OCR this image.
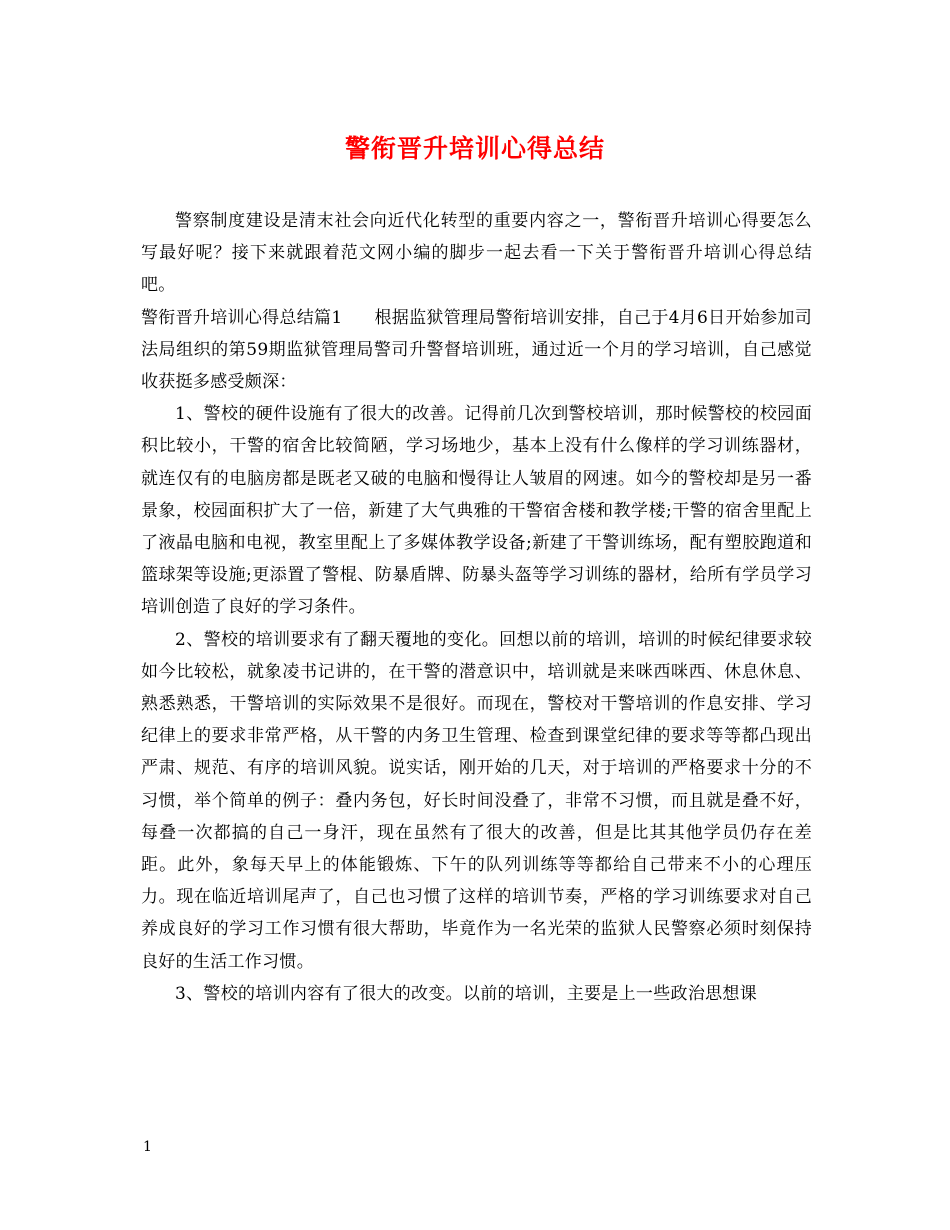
警衔晋升培训心得总结

警察制度建设是清末社会向近代化转型的重要内容之一，警衔晋升培训心得要怎么写最好呢？接下来就跟着范文网小编的脚步一起去看一下关于警衔晋升培训心得总结吧。

警衔晋升培训心得总结篇1 根据监狱管理局警衔培训安排，自己于4月6日开始参加司法局组织的第59期监狱管理局警司升警督培训班，通过近一个月的学习培训，自己感觉收获挺多感受颇深：

1、警校的硬件设施有了很大的改善。记得前几次到警校培训，那时候警校的校园面积比较小，干警的宿舍比较简陋，学习场地少，基本上没有什么像样的学习训练器材，就连仅有的电脑房都是既老又破的电脑和慢得让人皱眉的网速。如今的警校却是另一番景象，校园面积扩大了一倍，新建了大气典雅的干警宿舍楼和教学楼;干警的宿舍里配上了液晶电脑和电视，教室里配上了多媒体教学设备;新建了干警训练场，配有塑胶跑道和篮球架等设施;更添置了警棍、防暴盾牌、防暴头盔等学习训练的器材，给所有学员学习培训创造了良好的学习条件。

2、警校的培训要求有了翻天覆地的变化。回想以前的培训，培训的时候纪律要求较如今比较松，就象凌书记讲的，在干警的潜意识中，培训就是来咪西咪西、休息休息、熟悉熟悉，干警培训的实际效果不是很好。而现在，警校对干警培训的作息安排、学习纪律上的要求非常严格，从干警的内务卫生管理、检查到课堂纪律的要求等等都凸现出严肃、规范、有序的培训风貌。说实话，刚开始的几天，对于培训的严格要求十分的不习惯，举个简单的例子：叠内务包，好长时间没叠了，非常不习惯，而且就是叠不好，每叠一次都搞的自己一身汗，现在虽然有了很大的改善，但是比其其他学员仍存在差距。此外，象每天早上的体能锻炼、下午的队列训练等等都给自己带来不小的心理压力。现在临近培训尾声了，自己也习惯了这样的培训节奏，严格的学习训练要求对自己养成良好的学习工作习惯有很大帮助，毕竟作为一名光荣的监狱人民警察必须时刻保持良好的生活工作习惯。

3、警校的培训内容有了很大的改变。以前的培训，主要是上一些政治思想课

1
